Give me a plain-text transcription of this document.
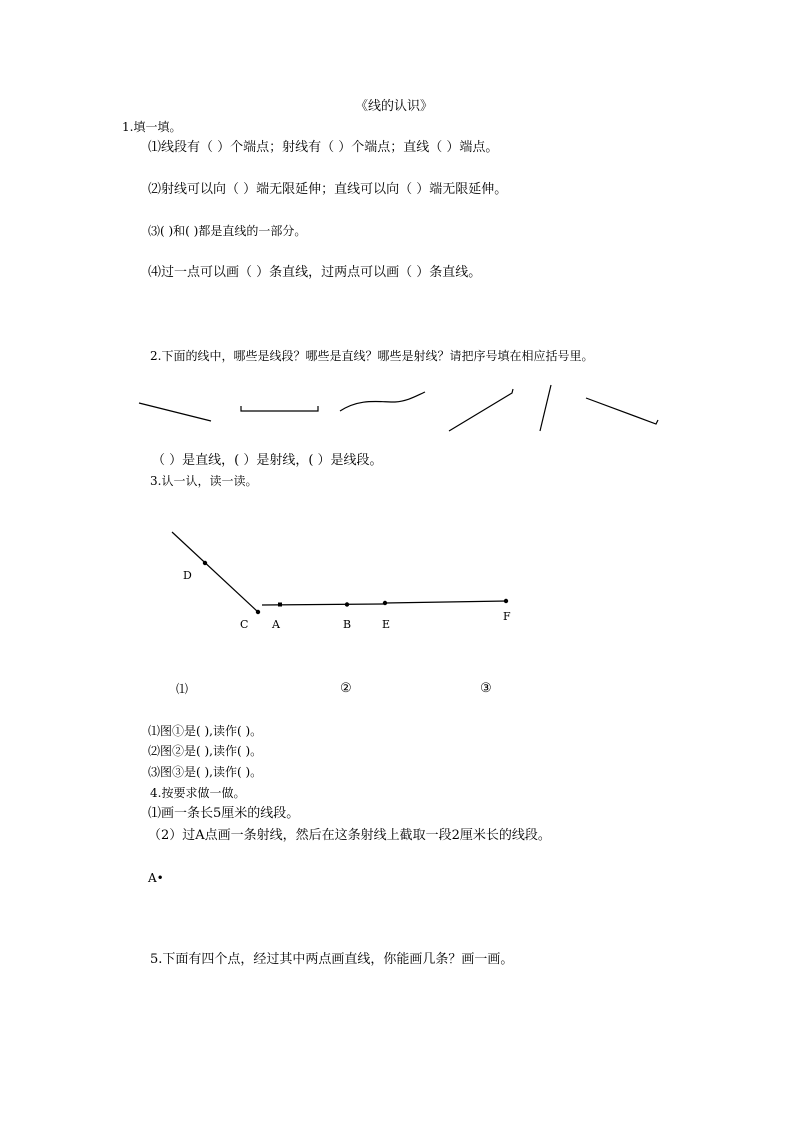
《线的认识》
1.填一填。
⑴线段有（ ）个端点；射线有（ ）个端点；直线（ ）端点。
⑵射线可以向（ ）端无限延伸；直线可以向（ ）端无限延伸。
⑶( )和( )都是直线的一部分。
⑷过一点可以画（ ）条直线，过两点可以画（ ）条直线。
2.下面的线中，哪些是线段？哪些是直线？哪些是射线？请把序号填在相应括号里。
（ ）是直线，( ）是射线，( ）是线段。
3.认一认，读一读。
D
C A	B	E
F
⑴	②	③
⑴图①是( ),读作( )。
⑵图②是( ),读作( )。
⑶图③是( ),读作( )。
4.按要求做一做。
⑴画一条长5厘米的线段。
（2）过A点画一条射线，然后在这条射线上截取一段2厘米长的线段。
A•
5.下面有四个点，经过其中两点画直线，你能画几条？画一画。
